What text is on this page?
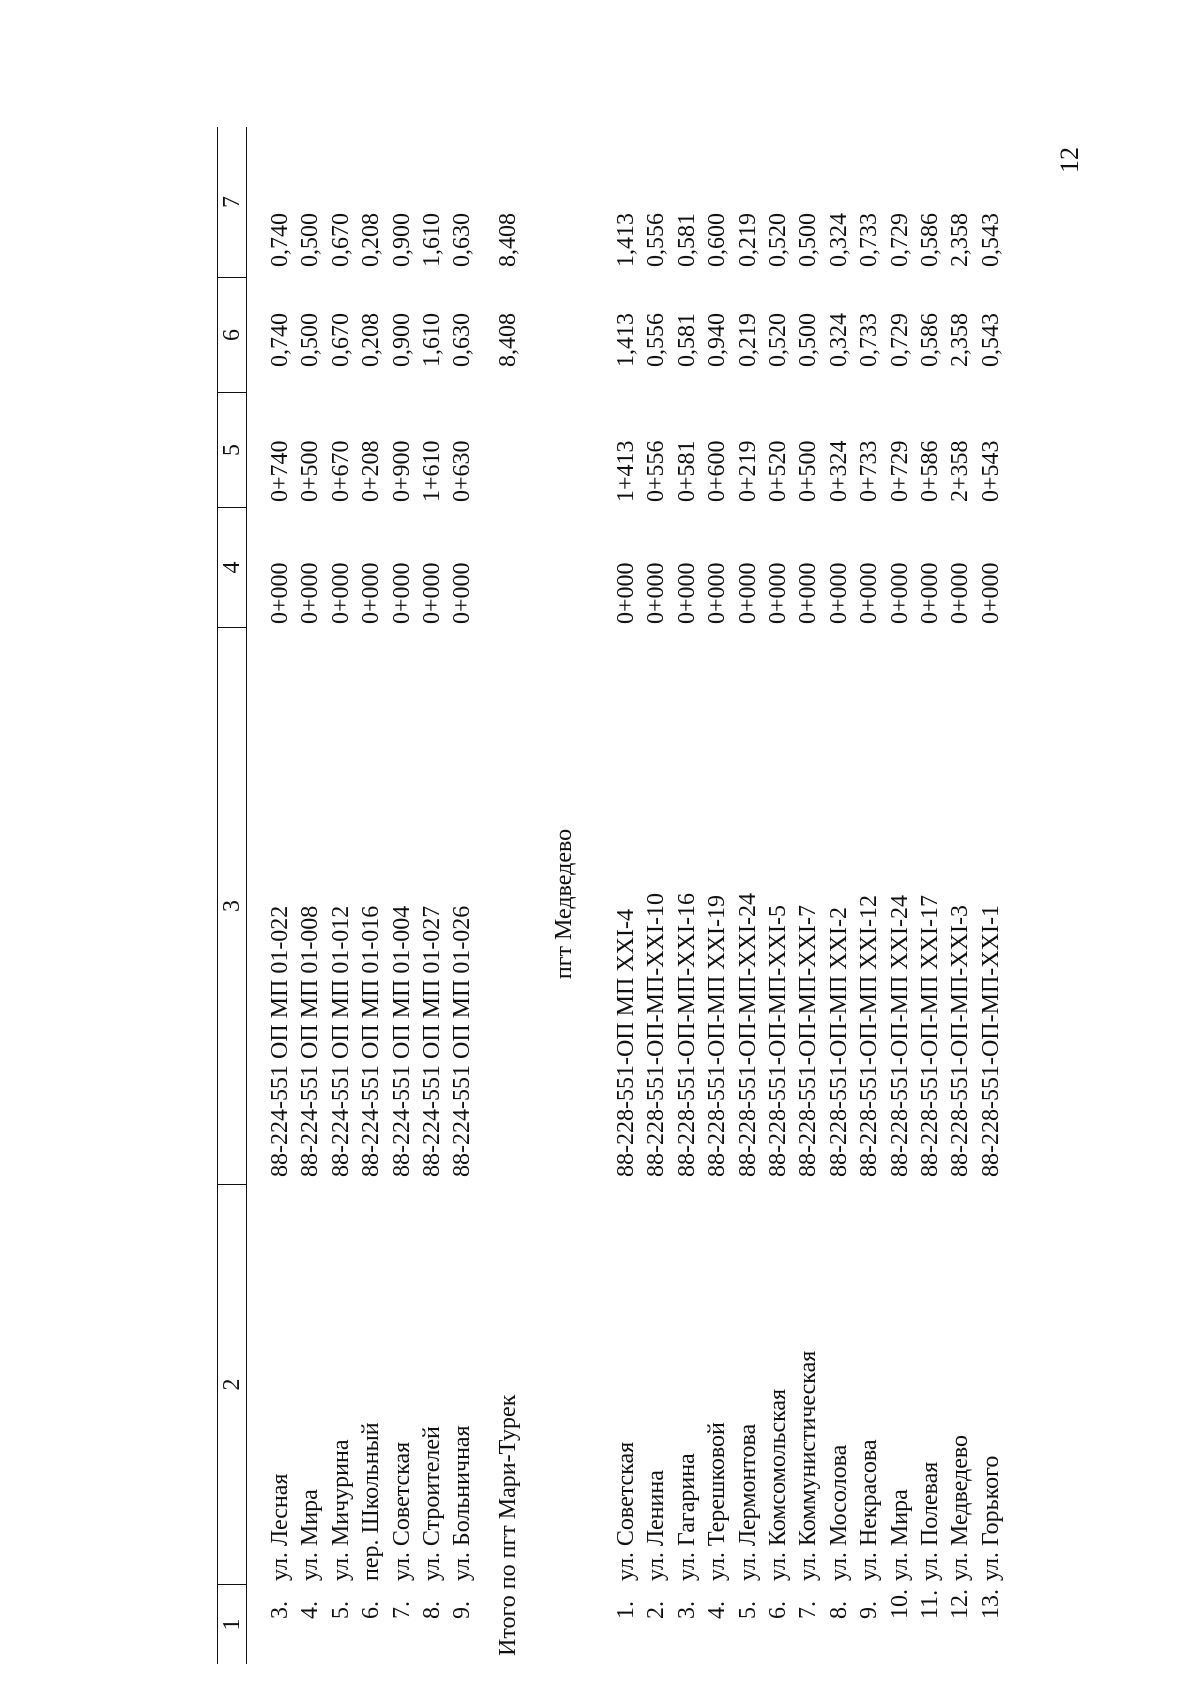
12
1
2
3
4
5
6
7
3.
ул. Лесная
88-224-551 ОП МП 01-022
0+000
0+740
0,740
0,740
4.
ул. Мира
88-224-551 ОП МП 01-008
0+000
0+500
0,500
0,500
5.
ул. Мичурина
88-224-551 ОП МП 01-012
0+000
0+670
0,670
0,670
6.
пер. Школьный
88-224-551 ОП МП 01-016
0+000
0+208
0,208
0,208
7.
ул. Советская
88-224-551 ОП МП 01-004
0+000
0+900
0,900
0,900
8.
ул. Строителей
88-224-551 ОП МП 01-027
0+000
1+610
1,610
1,610
9.
ул. Больничная
88-224-551 ОП МП 01-026
0+000
0+630
0,630
0,630
Итого по пгт Мари-Турек
8,408
8,408
пгт Медведево
1.
ул. Советская
88-228-551-ОП МП XXI-4
0+000
1+413
1,413
1,413
2.
ул. Ленина
88-228-551-ОП-МП-XXI-10
0+000
0+556
0,556
0,556
3.
ул. Гагарина
88-228-551-ОП-МП-XXI-16
0+000
0+581
0,581
0,581
4.
ул. Терешковой
88-228-551-ОП-МП XXI-19
0+000
0+600
0,940
0,600
5.
ул. Лермонтова
88-228-551-ОП-МП-XXI-24
0+000
0+219
0,219
0,219
6.
ул. Комсомольская
88-228-551-ОП-МП-XXI-5
0+000
0+520
0,520
0,520
7.
ул. Коммунистическая
88-228-551-ОП-МП-XXI-7
0+000
0+500
0,500
0,500
8.
ул. Мосолова
88-228-551-ОП-МП XXI-2
0+000
0+324
0,324
0,324
9.
ул. Некрасова
88-228-551-ОП-МП XXI-12
0+000
0+733
0,733
0,733
10.
ул. Мира
88-228-551-ОП-МП XXI-24
0+000
0+729
0,729
0,729
11.
ул. Полевая
88-228-551-ОП-МП XXI-17
0+000
0+586
0,586
0,586
12.
ул. Медведево
88-228-551-ОП-МП-XXI-3
0+000
2+358
2,358
2,358
13.
ул. Горького
88-228-551-ОП-МП-XXI-1
0+000
0+543
0,543
0,543
